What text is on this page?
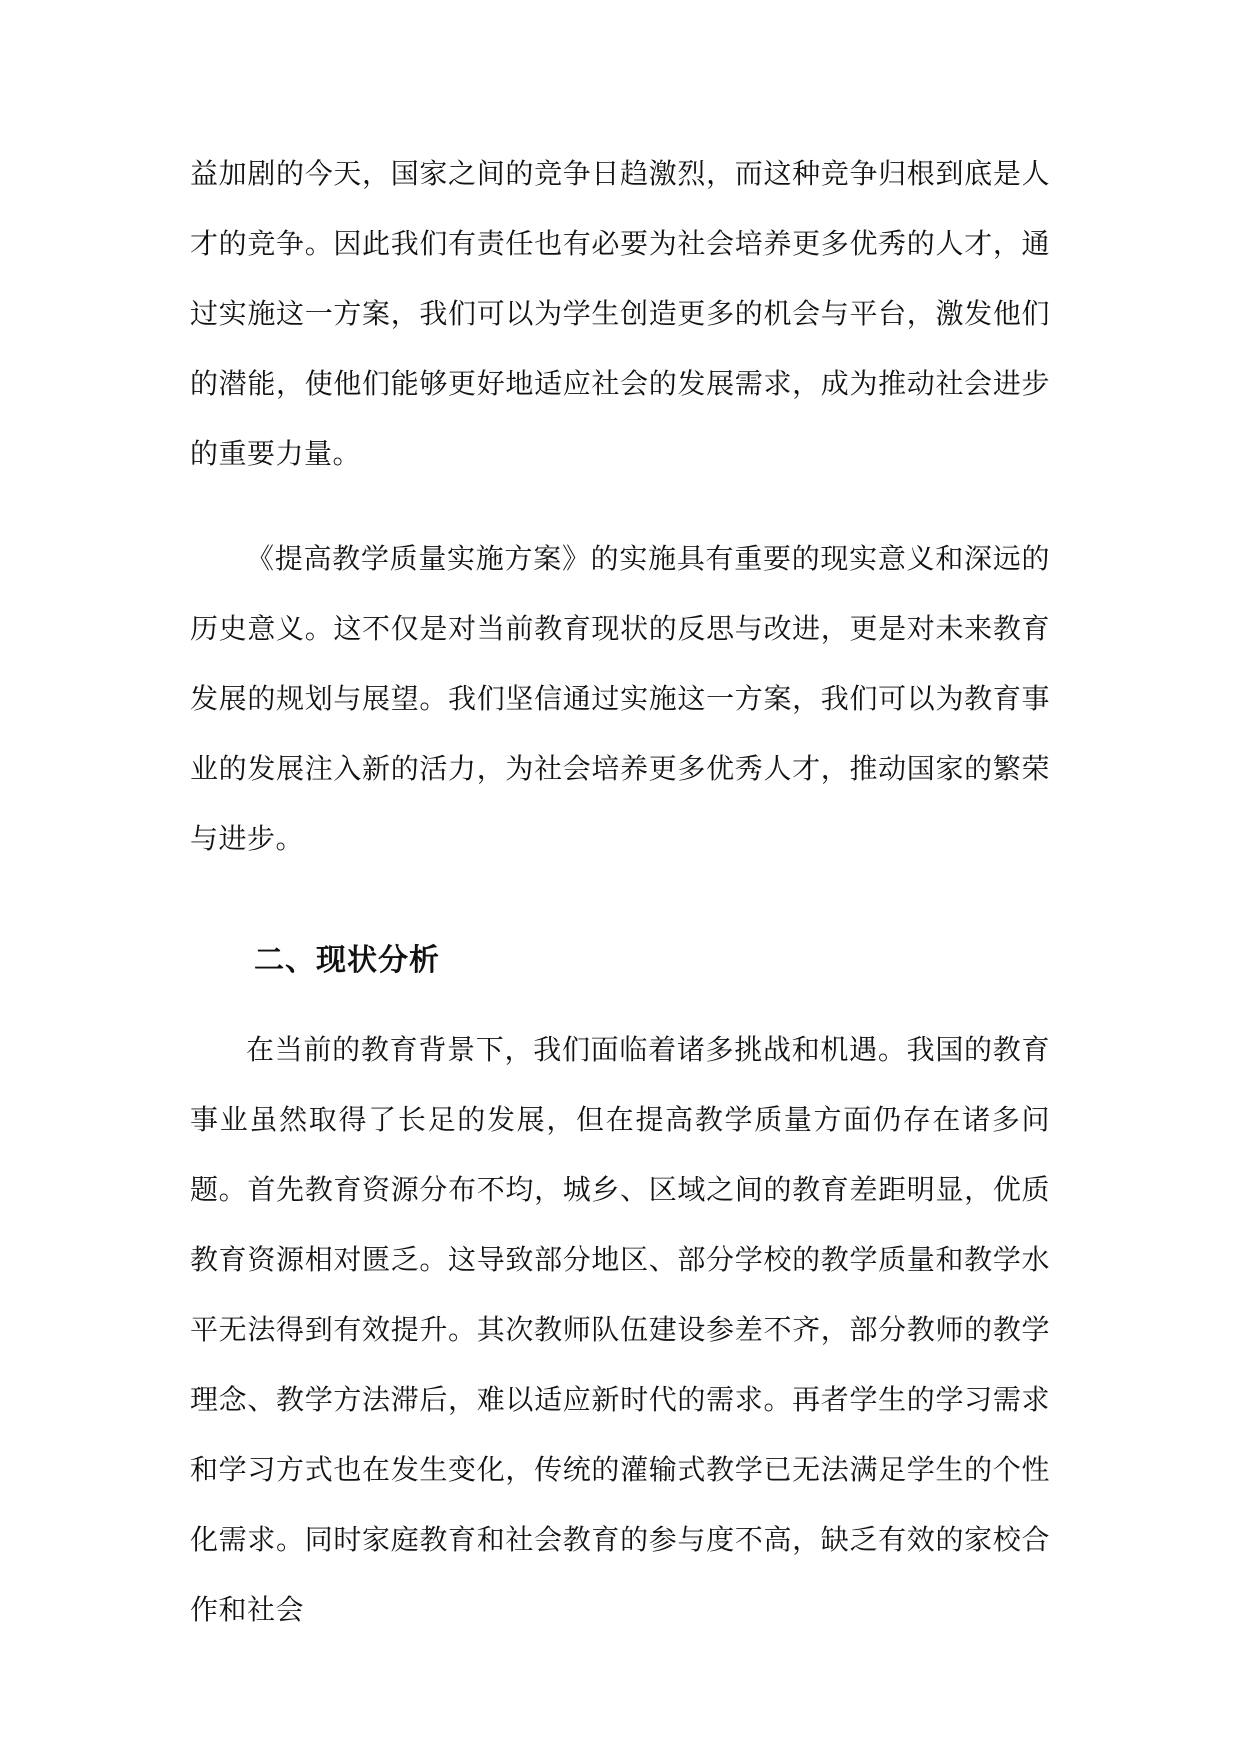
益加剧的今天，国家之间的竞争日趋激烈，而这种竞争归根到底是人才的竞争。因此我们有责任也有必要为社会培养更多优秀的人才，通过实施这一方案，我们可以为学生创造更多的机会与平台，激发他们的潜能，使他们能够更好地适应社会的发展需求，成为推动社会进步的重要力量。

《提高教学质量实施方案》的实施具有重要的现实意义和深远的历史意义。这不仅是对当前教育现状的反思与改进，更是对未来教育发展的规划与展望。我们坚信通过实施这一方案，我们可以为教育事业的发展注入新的活力，为社会培养更多优秀人才，推动国家的繁荣与进步。

二、现状分析

在当前的教育背景下，我们面临着诸多挑战和机遇。我国的教育事业虽然取得了长足的发展，但在提高教学质量方面仍存在诸多问题。首先教育资源分布不均，城乡、区域之间的教育差距明显，优质教育资源相对匮乏。这导致部分地区、部分学校的教学质量和教学水平无法得到有效提升。其次教师队伍建设参差不齐，部分教师的教学理念、教学方法滞后，难以适应新时代的需求。再者学生的学习需求和学习方式也在发生变化，传统的灌输式教学已无法满足学生的个性化需求。同时家庭教育和社会教育的参与度不高，缺乏有效的家校合作和社会
